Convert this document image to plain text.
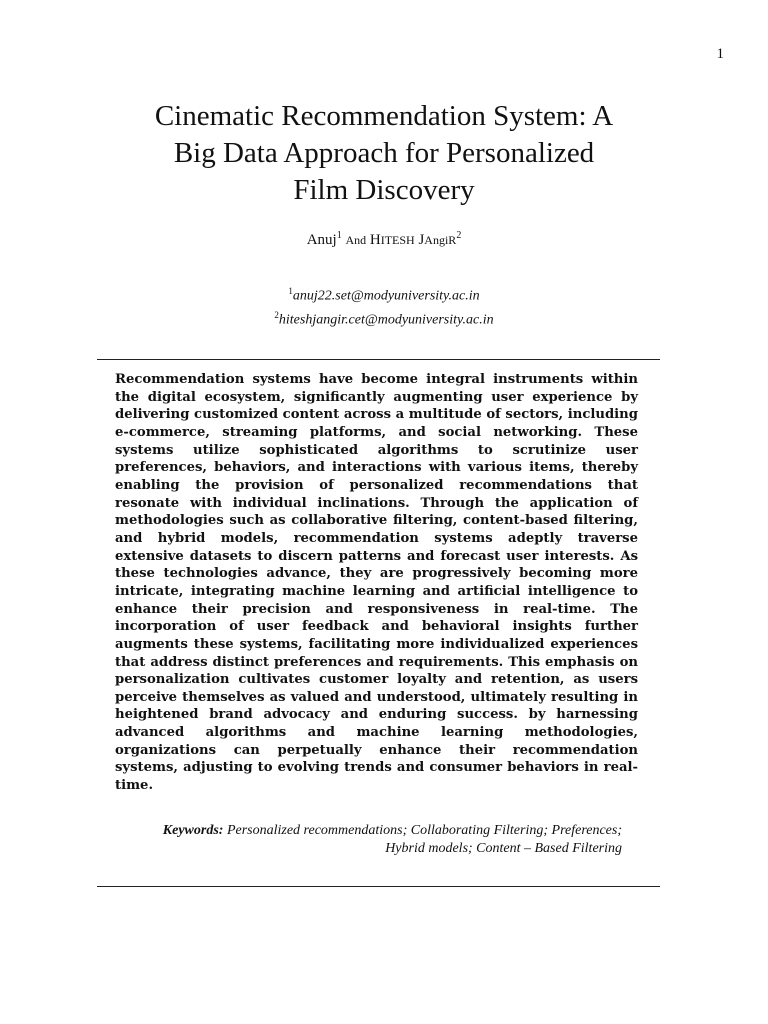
1
Cinematic Recommendation System: A
Big Data Approach for Personalized
Film Discovery
Anuj$^1$ And HITESH JAngiR$^2$
$^1$anuj22.set@modyuniversity.ac.in
$^2$hiteshjangir.cet@modyuniversity.ac.in

Recommendation systems have become integral instruments within the digital ecosystem, significantly augmenting user experience by delivering customized content across a multitude of sectors, including e-commerce, streaming platforms, and social networking. These systems utilize sophisticated algorithms to scrutinize user preferences, behaviors, and interactions with various items, thereby enabling the provision of personalized recommendations that resonate with individual inclinations. Through the application of methodologies such as collaborative filtering, content-based filtering, and hybrid models, recommendation systems adeptly traverse extensive datasets to discern patterns and forecast user interests. As these technologies advance, they are progressively becoming more intricate, integrating machine learning and artificial intelligence to enhance their precision and responsiveness in real-time. The incorporation of user feedback and behavioral insights further augments these systems, facilitating more individualized experiences that address distinct preferences and requirements. This emphasis on personalization cultivates customer loyalty and retention, as users perceive themselves as valued and understood, ultimately resulting in heightened brand advocacy and enduring success. by harnessing advanced algorithms and machine learning methodologies, organizations can perpetually enhance their recommendation systems, adjusting to evolving trends and consumer behaviors in real-time.

Keywords: Personalized recommendations; Collaborating Filtering; Preferences;
Hybrid models; Content – Based Filtering
